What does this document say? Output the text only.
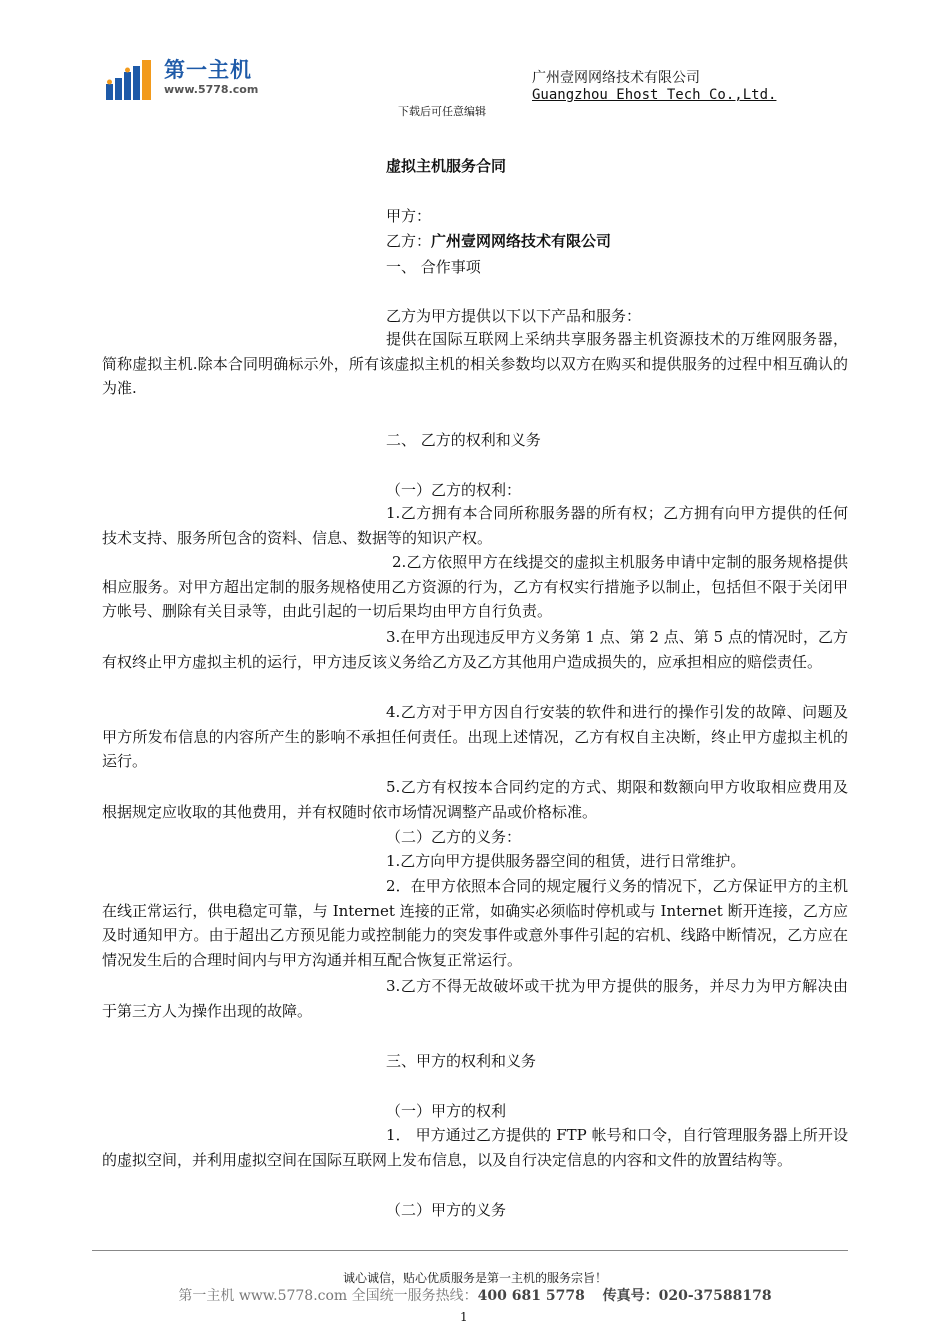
第一主机
www.5778.com
广州壹网网络技术有限公司
Guangzhou Ehost Tech Co.,Ltd.
下载后可任意编辑
虚拟主机服务合同
甲方：
乙方：广州壹网网络技术有限公司
一、 合作事项
乙方为甲方提供以下以下产品和服务：
提供在国际互联网上采纳共享服务器主机资源技术的万维网服务器，简称虚拟主机.除本合同明确标示外，所有该虚拟主机的相关参数均以双方在购买和提供服务的过程中相互确认的为准.
二、 乙方的权利和义务
（一）乙方的权利：
1.乙方拥有本合同所称服务器的所有权；乙方拥有向甲方提供的任何技术支持、服务所包含的资料、信息、数据等的知识产权。
2.乙方依照甲方在线提交的虚拟主机服务申请中定制的服务规格提供相应服务。对甲方超出定制的服务规格使用乙方资源的行为，乙方有权实行措施予以制止，包括但不限于关闭甲方帐号、删除有关目录等，由此引起的一切后果均由甲方自行负责。
3.在甲方出现违反甲方义务第 1 点、第 2 点、第 5 点的情况时，乙方有权终止甲方虚拟主机的运行，甲方违反该义务给乙方及乙方其他用户造成损失的，应承担相应的赔偿责任。
4.乙方对于甲方因自行安装的软件和进行的操作引发的故障、问题及甲方所发布信息的内容所产生的影响不承担任何责任。出现上述情况，乙方有权自主决断，终止甲方虚拟主机的运行。
5.乙方有权按本合同约定的方式、期限和数额向甲方收取相应费用及根据规定应收取的其他费用，并有权随时依市场情况调整产品或价格标准。
（二）乙方的义务：
1.乙方向甲方提供服务器空间的租赁，进行日常维护。
2．在甲方依照本合同的规定履行义务的情况下，乙方保证甲方的主机在线正常运行，供电稳定可靠，与 Internet 连接的正常，如确实必须临时停机或与 Internet 断开连接，乙方应及时通知甲方。由于超出乙方预见能力或控制能力的突发事件或意外事件引起的宕机、线路中断情况，乙方应在情况发生后的合理时间内与甲方沟通并相互配合恢复正常运行。
3.乙方不得无故破坏或干扰为甲方提供的服务，并尽力为甲方解决由于第三方人为操作出现的故障。
三、甲方的权利和义务
（一）甲方的权利
1． 甲方通过乙方提供的 FTP 帐号和口令，自行管理服务器上所开设的虚拟空间，并利用虚拟空间在国际互联网上发布信息，以及自行决定信息的内容和文件的放置结构等。
（二）甲方的义务
诚心诚信，贴心优质服务是第一主机的服务宗旨！
第一主机 www.5778.com 全国统一服务热线：400 681 5778 传真号：020-37588178
1
